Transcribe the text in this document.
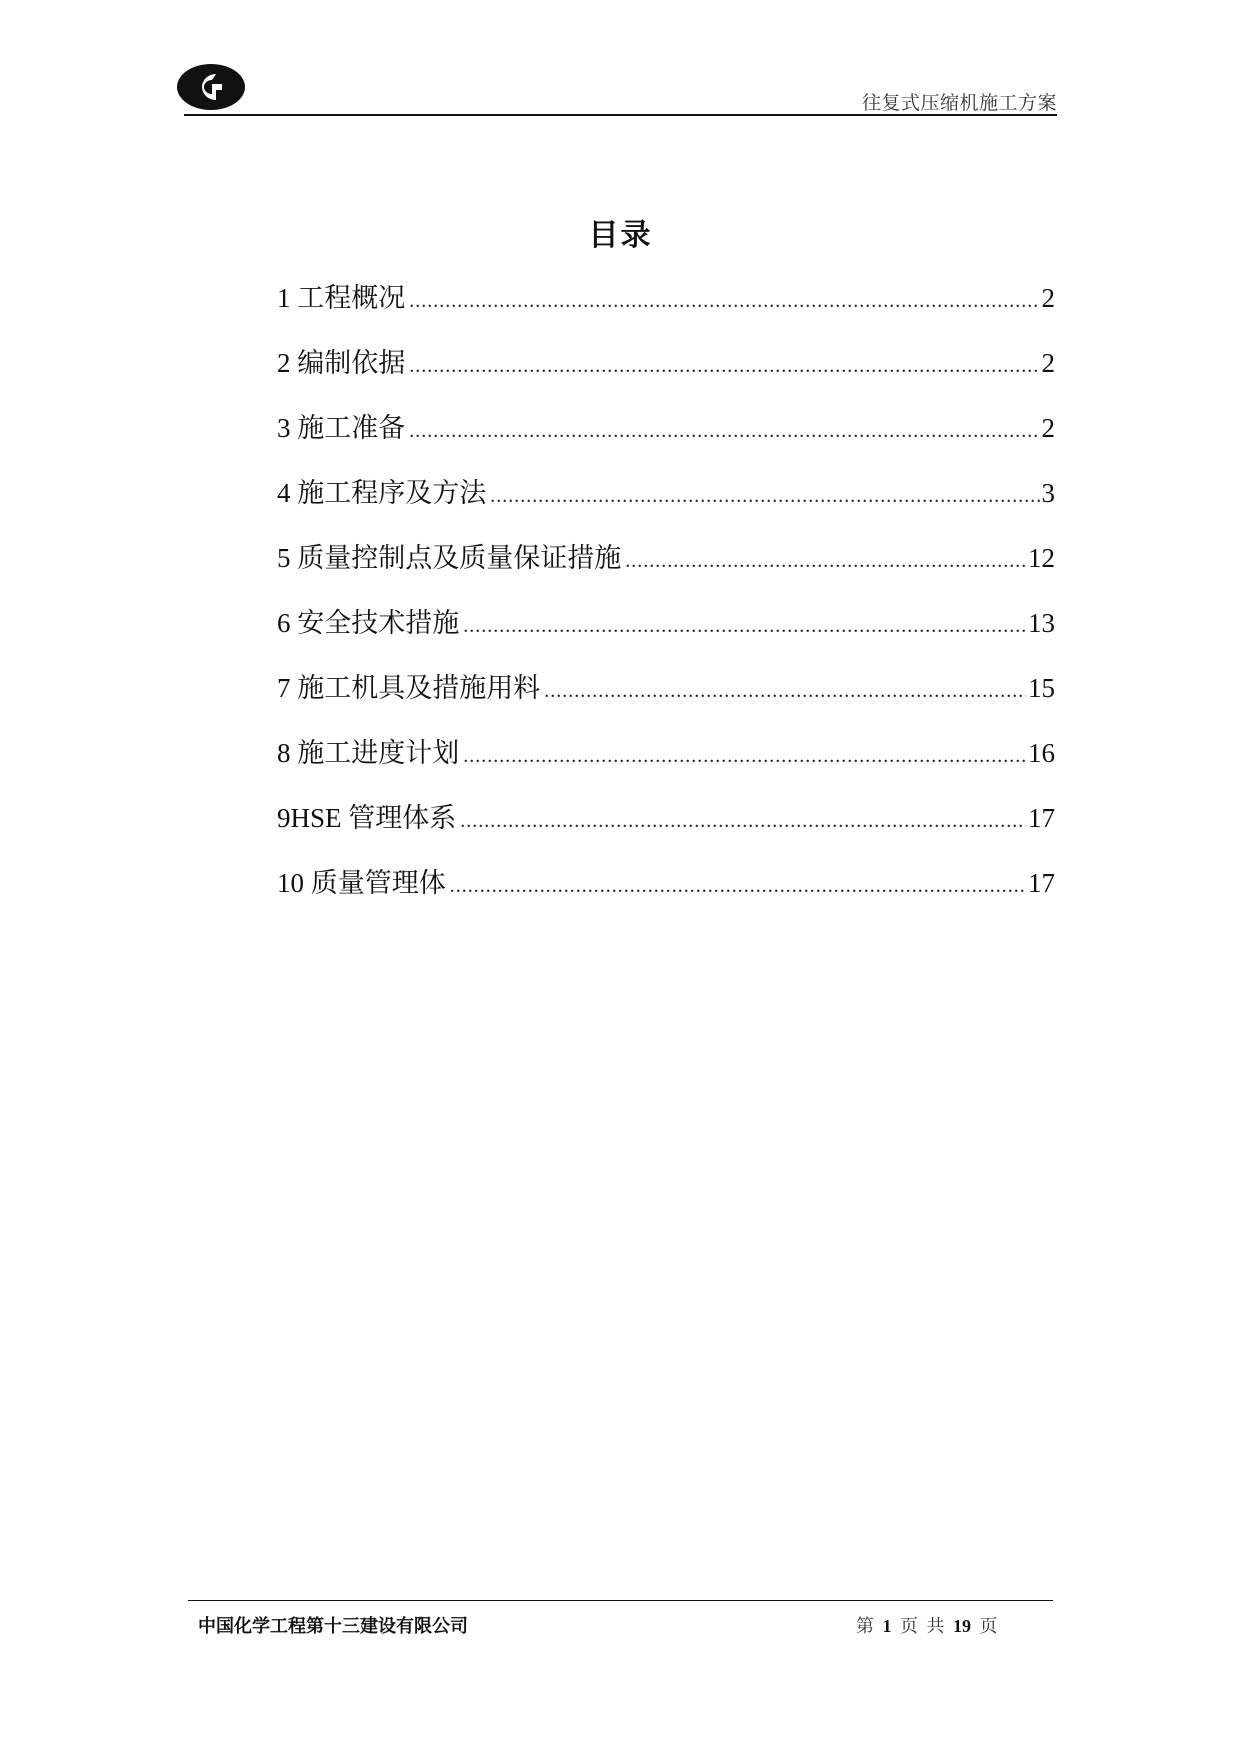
往复式压缩机施工方案
目录
1 工程概况 .....	2
2 编制依据 .....	2
3 施工准备 .....	2
4 施工程序及方法 .....	3
5 质量控制点及质量保证措施 .....	12
6 安全技术措施 .....	13
7 施工机具及措施用料 .....	15
8 施工进度计划 .....	16
9HSE 管理体系 .....	17
10 质量管理体 .....	17
中国化学工程第十三建设有限公司	第 1 页 共 19 页
